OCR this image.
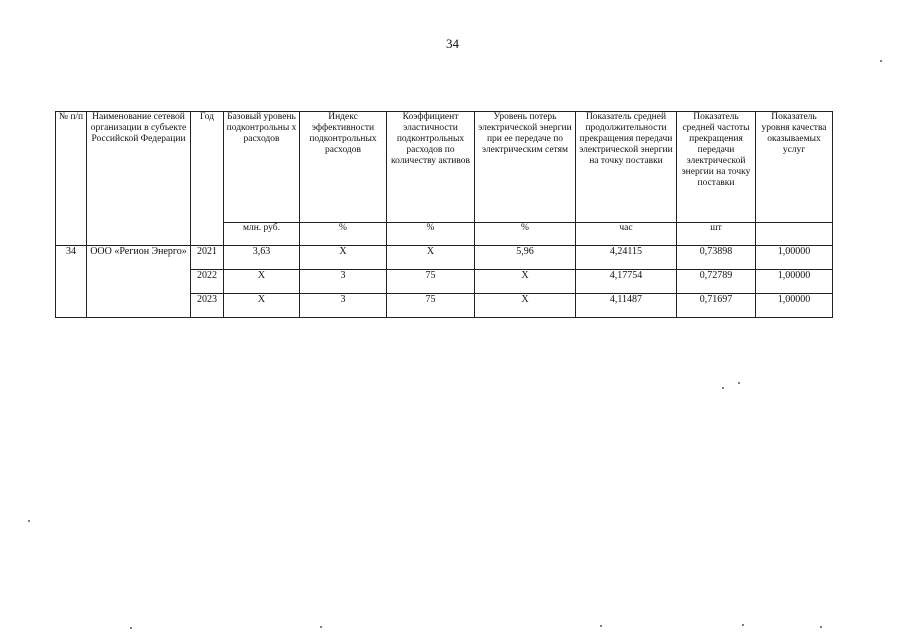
34
№ п/п	Наименование сетевой организации в субъекте Российской Федерации	Год	Базовый уровень подконтрольны х расходов	Индекс эффективности подконтрольных расходов	Коэффициент эластичности подконтрольных расходов по количеству активов	Уровень потерь электрической энергии при ее передаче по электрическим сетям	Показатель средней продолжительности прекращения передачи электрической энергии на точку поставки	Показатель средней частоты прекращения передачи электрической энергии на точку поставки	Показатель уровня качества оказываемых услуг
			млн. руб.	%	%	%	час	шт	
34	ООО «Регион Энерго»	2021	3,63	X	X	5,96	4,24115	0,73898	1,00000
		2022	X	3	75	X	4,17754	0,72789	1,00000
		2023	X	3	75	X	4,11487	0,71697	1,00000
